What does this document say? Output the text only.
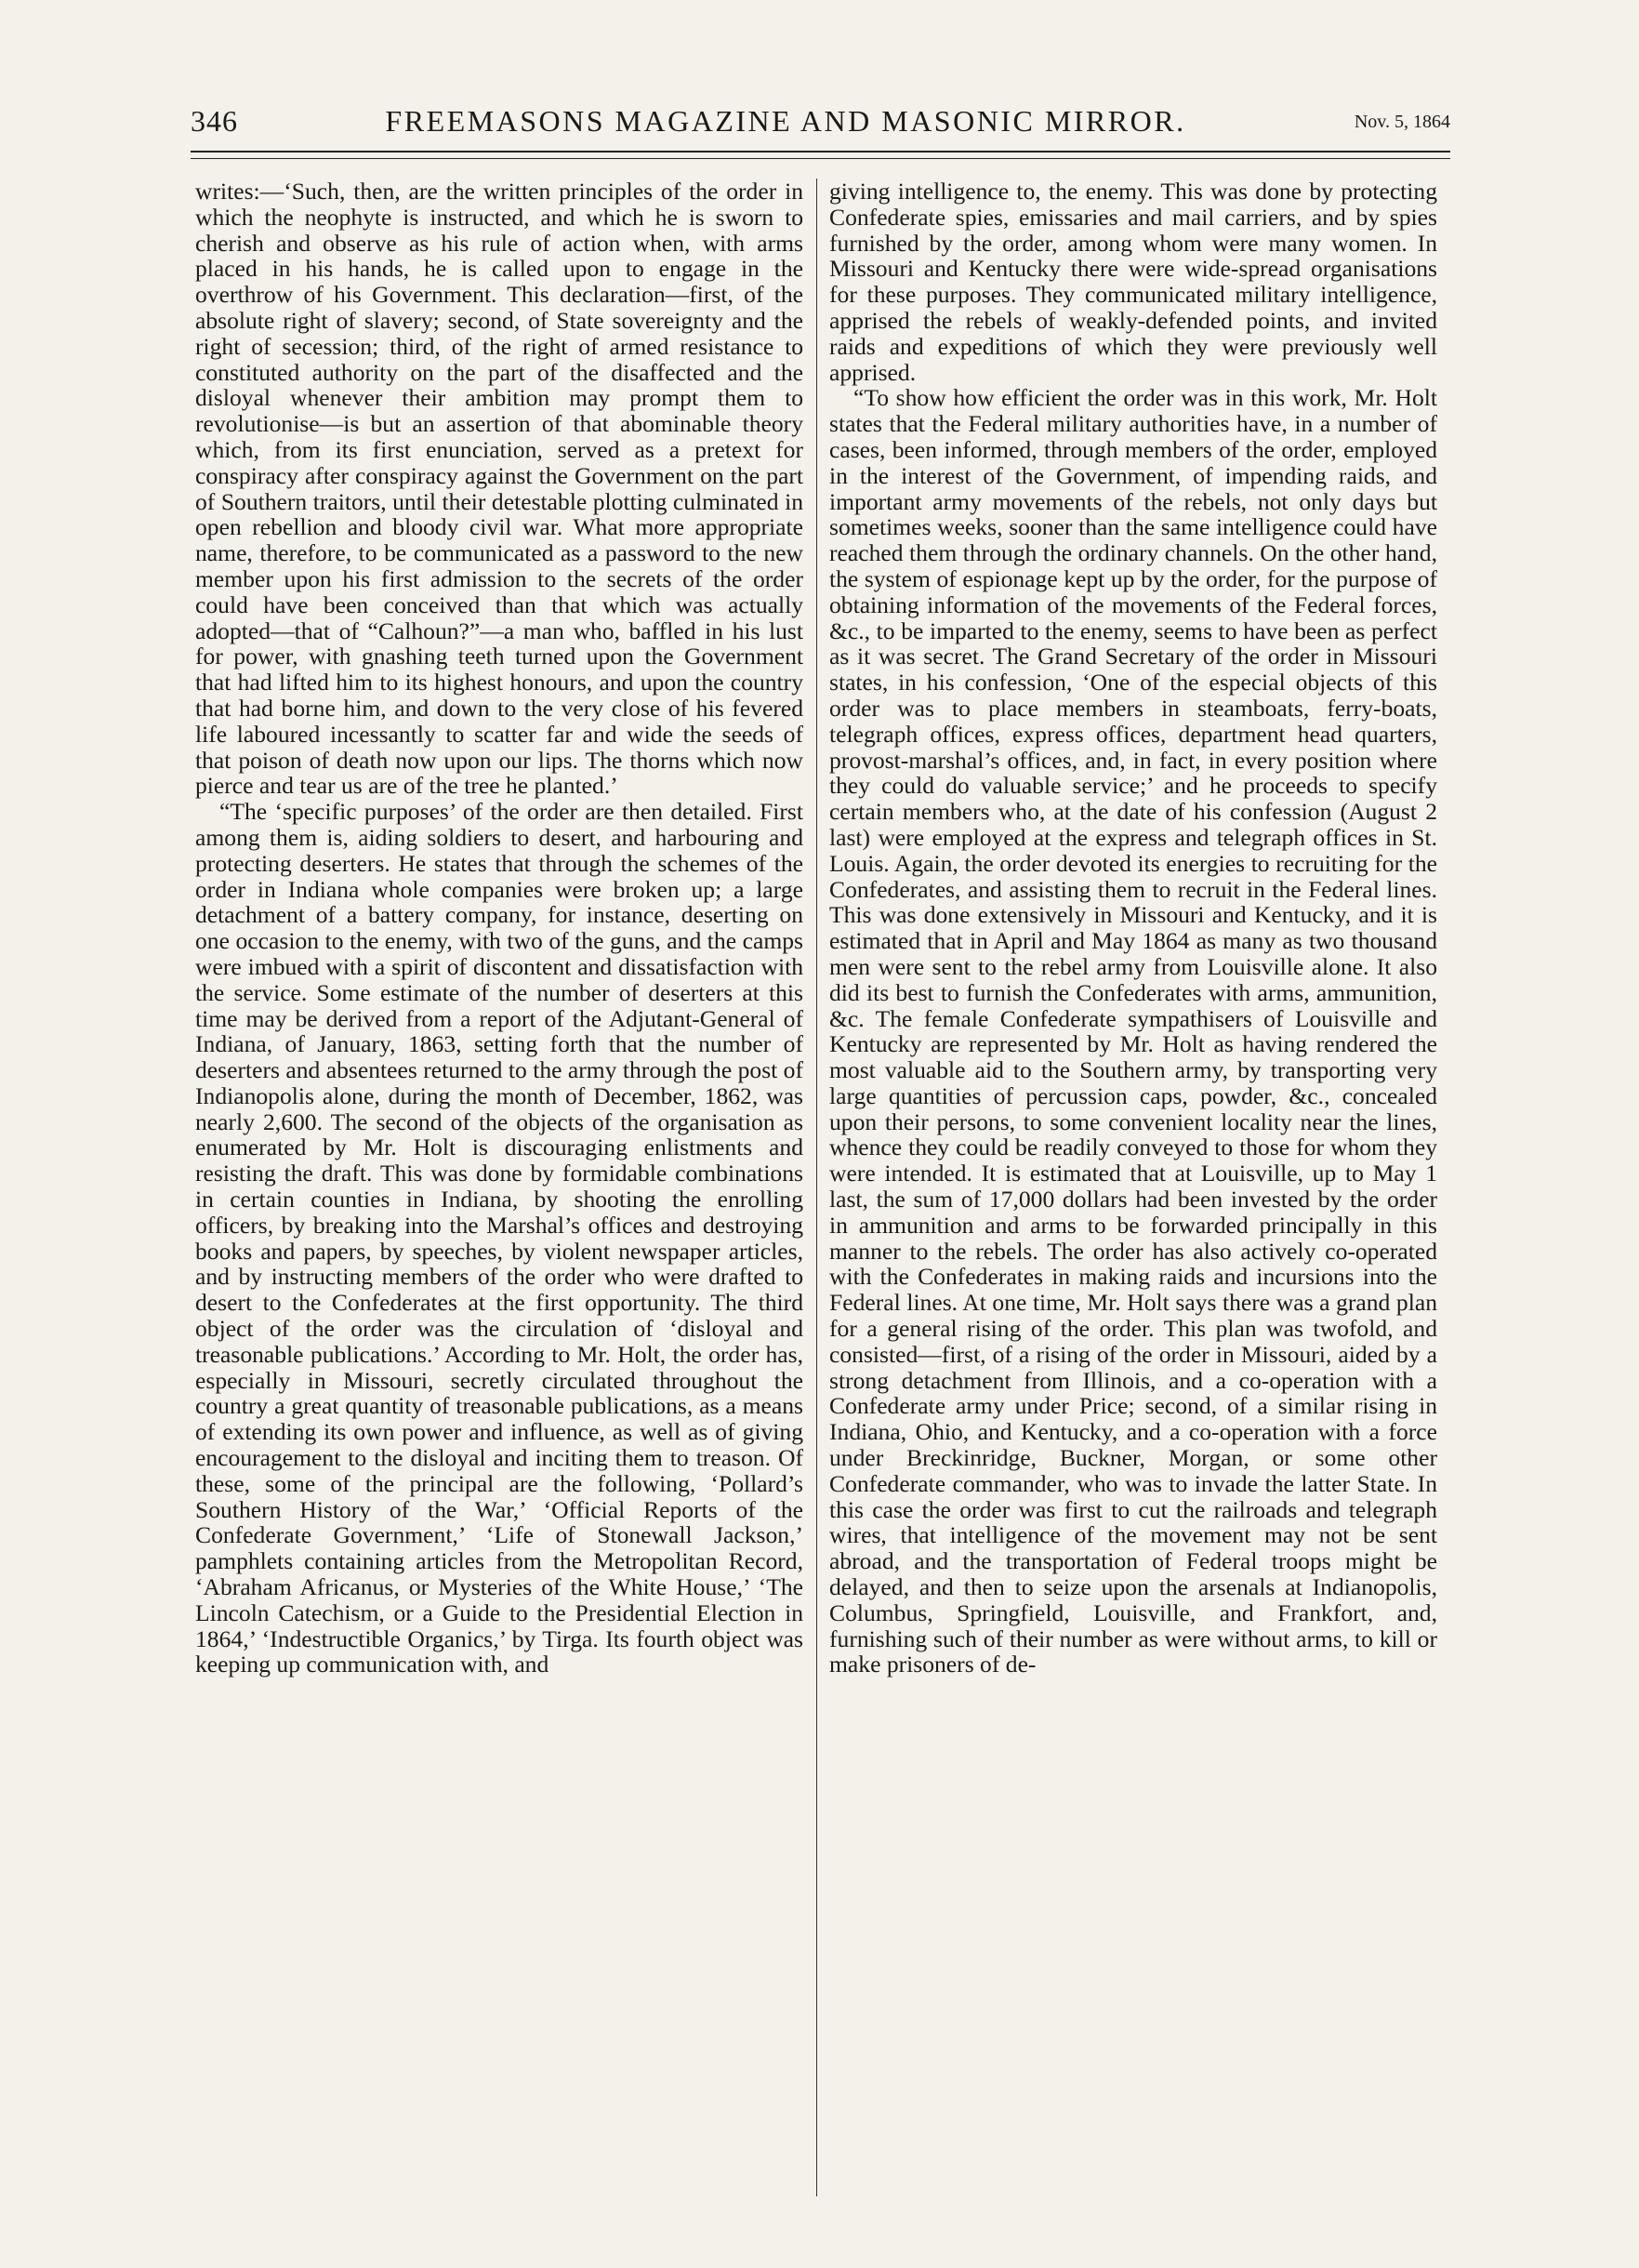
346	FREEMASONS MAGAZINE AND MASONIC MIRROR.	Nov. 5, 1864

writes:—‘Such, then, are the written principles of the order in which the neophyte is instructed, and which he is sworn to cherish and observe as his rule of action when, with arms placed in his hands, he is called upon to engage in the overthrow of his Government. This declaration—first, of the absolute right of slavery; second, of State sovereignty and the right of secession; third, of the right of armed resistance to constituted authority on the part of the disaffected and the disloyal whenever their ambition may prompt them to revolutionise—is but an assertion of that abominable theory which, from its first enunciation, served as a pretext for conspiracy after conspiracy against the Government on the part of Southern traitors, until their detestable plotting culminated in open rebellion and bloody civil war. What more appropriate name, therefore, to be communicated as a password to the new member upon his first admission to the secrets of the order could have been conceived than that which was actually adopted—that of “Calhoun?”—a man who, baffled in his lust for power, with gnashing teeth turned upon the Government that had lifted him to its highest honours, and upon the country that had borne him, and down to the very close of his fevered life laboured incessantly to scatter far and wide the seeds of that poison of death now upon our lips. The thorns which now pierce and tear us are of the tree he planted.’

“The ‘specific purposes’ of the order are then detailed. First among them is, aiding soldiers to desert, and harbouring and protecting deserters. He states that through the schemes of the order in Indiana whole companies were broken up; a large detachment of a battery company, for instance, deserting on one occasion to the enemy, with two of the guns, and the camps were imbued with a spirit of discontent and dissatisfaction with the service. Some estimate of the number of deserters at this time may be derived from a report of the Adjutant-General of Indiana, of January, 1863, setting forth that the number of deserters and absentees returned to the army through the post of Indianopolis alone, during the month of December, 1862, was nearly 2,600. The second of the objects of the organisation as enumerated by Mr. Holt is discouraging enlistments and resisting the draft. This was done by formidable combinations in certain counties in Indiana, by shooting the enrolling officers, by breaking into the Marshal’s offices and destroying books and papers, by speeches, by violent newspaper articles, and by instructing members of the order who were drafted to desert to the Confederates at the first opportunity. The third object of the order was the circulation of ‘disloyal and treasonable publications.’ According to Mr. Holt, the order has, especially in Missouri, secretly circulated throughout the country a great quantity of treasonable publications, as a means of extending its own power and influence, as well as of giving encouragement to the disloyal and inciting them to treason. Of these, some of the principal are the following, ‘Pollard’s Southern History of the War,’ ‘Official Reports of the Confederate Government,’ ‘Life of Stonewall Jackson,’ pamphlets containing articles from the Metropolitan Record, ‘Abraham Africanus, or Mysteries of the White House,’ ‘The Lincoln Catechism, or a Guide to the Presidential Election in 1864,’ ‘Indestructible Organics,’ by Tirga. Its fourth object was keeping up communication with, and

giving intelligence to, the enemy. This was done by protecting Confederate spies, emissaries and mail carriers, and by spies furnished by the order, among whom were many women. In Missouri and Kentucky there were wide-spread organisations for these purposes. They communicated military intelligence, apprised the rebels of weakly-defended points, and invited raids and expeditions of which they were previously well apprised.

“To show how efficient the order was in this work, Mr. Holt states that the Federal military authorities have, in a number of cases, been informed, through members of the order, employed in the interest of the Government, of impending raids, and important army movements of the rebels, not only days but sometimes weeks, sooner than the same intelligence could have reached them through the ordinary channels. On the other hand, the system of espionage kept up by the order, for the purpose of obtaining information of the movements of the Federal forces, &c., to be imparted to the enemy, seems to have been as perfect as it was secret. The Grand Secretary of the order in Missouri states, in his confession, ‘One of the especial objects of this order was to place members in steamboats, ferry-boats, telegraph offices, express offices, department head quarters, provost-marshal’s offices, and, in fact, in every position where they could do valuable service;’ and he proceeds to specify certain members who, at the date of his confession (August 2 last) were employed at the express and telegraph offices in St. Louis. Again, the order devoted its energies to recruiting for the Confederates, and assisting them to recruit in the Federal lines. This was done extensively in Missouri and Kentucky, and it is estimated that in April and May 1864 as many as two thousand men were sent to the rebel army from Louisville alone. It also did its best to furnish the Confederates with arms, ammunition, &c. The female Confederate sympathisers of Louisville and Kentucky are represented by Mr. Holt as having rendered the most valuable aid to the Southern army, by transporting very large quantities of percussion caps, powder, &c., concealed upon their persons, to some convenient locality near the lines, whence they could be readily conveyed to those for whom they were intended. It is estimated that at Louisville, up to May 1 last, the sum of 17,000 dollars had been invested by the order in ammunition and arms to be forwarded principally in this manner to the rebels. The order has also actively co-operated with the Confederates in making raids and incursions into the Federal lines. At one time, Mr. Holt says there was a grand plan for a general rising of the order. This plan was twofold, and consisted—first, of a rising of the order in Missouri, aided by a strong detachment from Illinois, and a co-operation with a Confederate army under Price; second, of a similar rising in Indiana, Ohio, and Kentucky, and a co-operation with a force under Breckinridge, Buckner, Morgan, or some other Confederate commander, who was to invade the latter State. In this case the order was first to cut the railroads and telegraph wires, that intelligence of the movement may not be sent abroad, and the transportation of Federal troops might be delayed, and then to seize upon the arsenals at Indianopolis, Columbus, Springfield, Louisville, and Frankfort, and, furnishing such of their number as were without arms, to kill or make prisoners of de-
